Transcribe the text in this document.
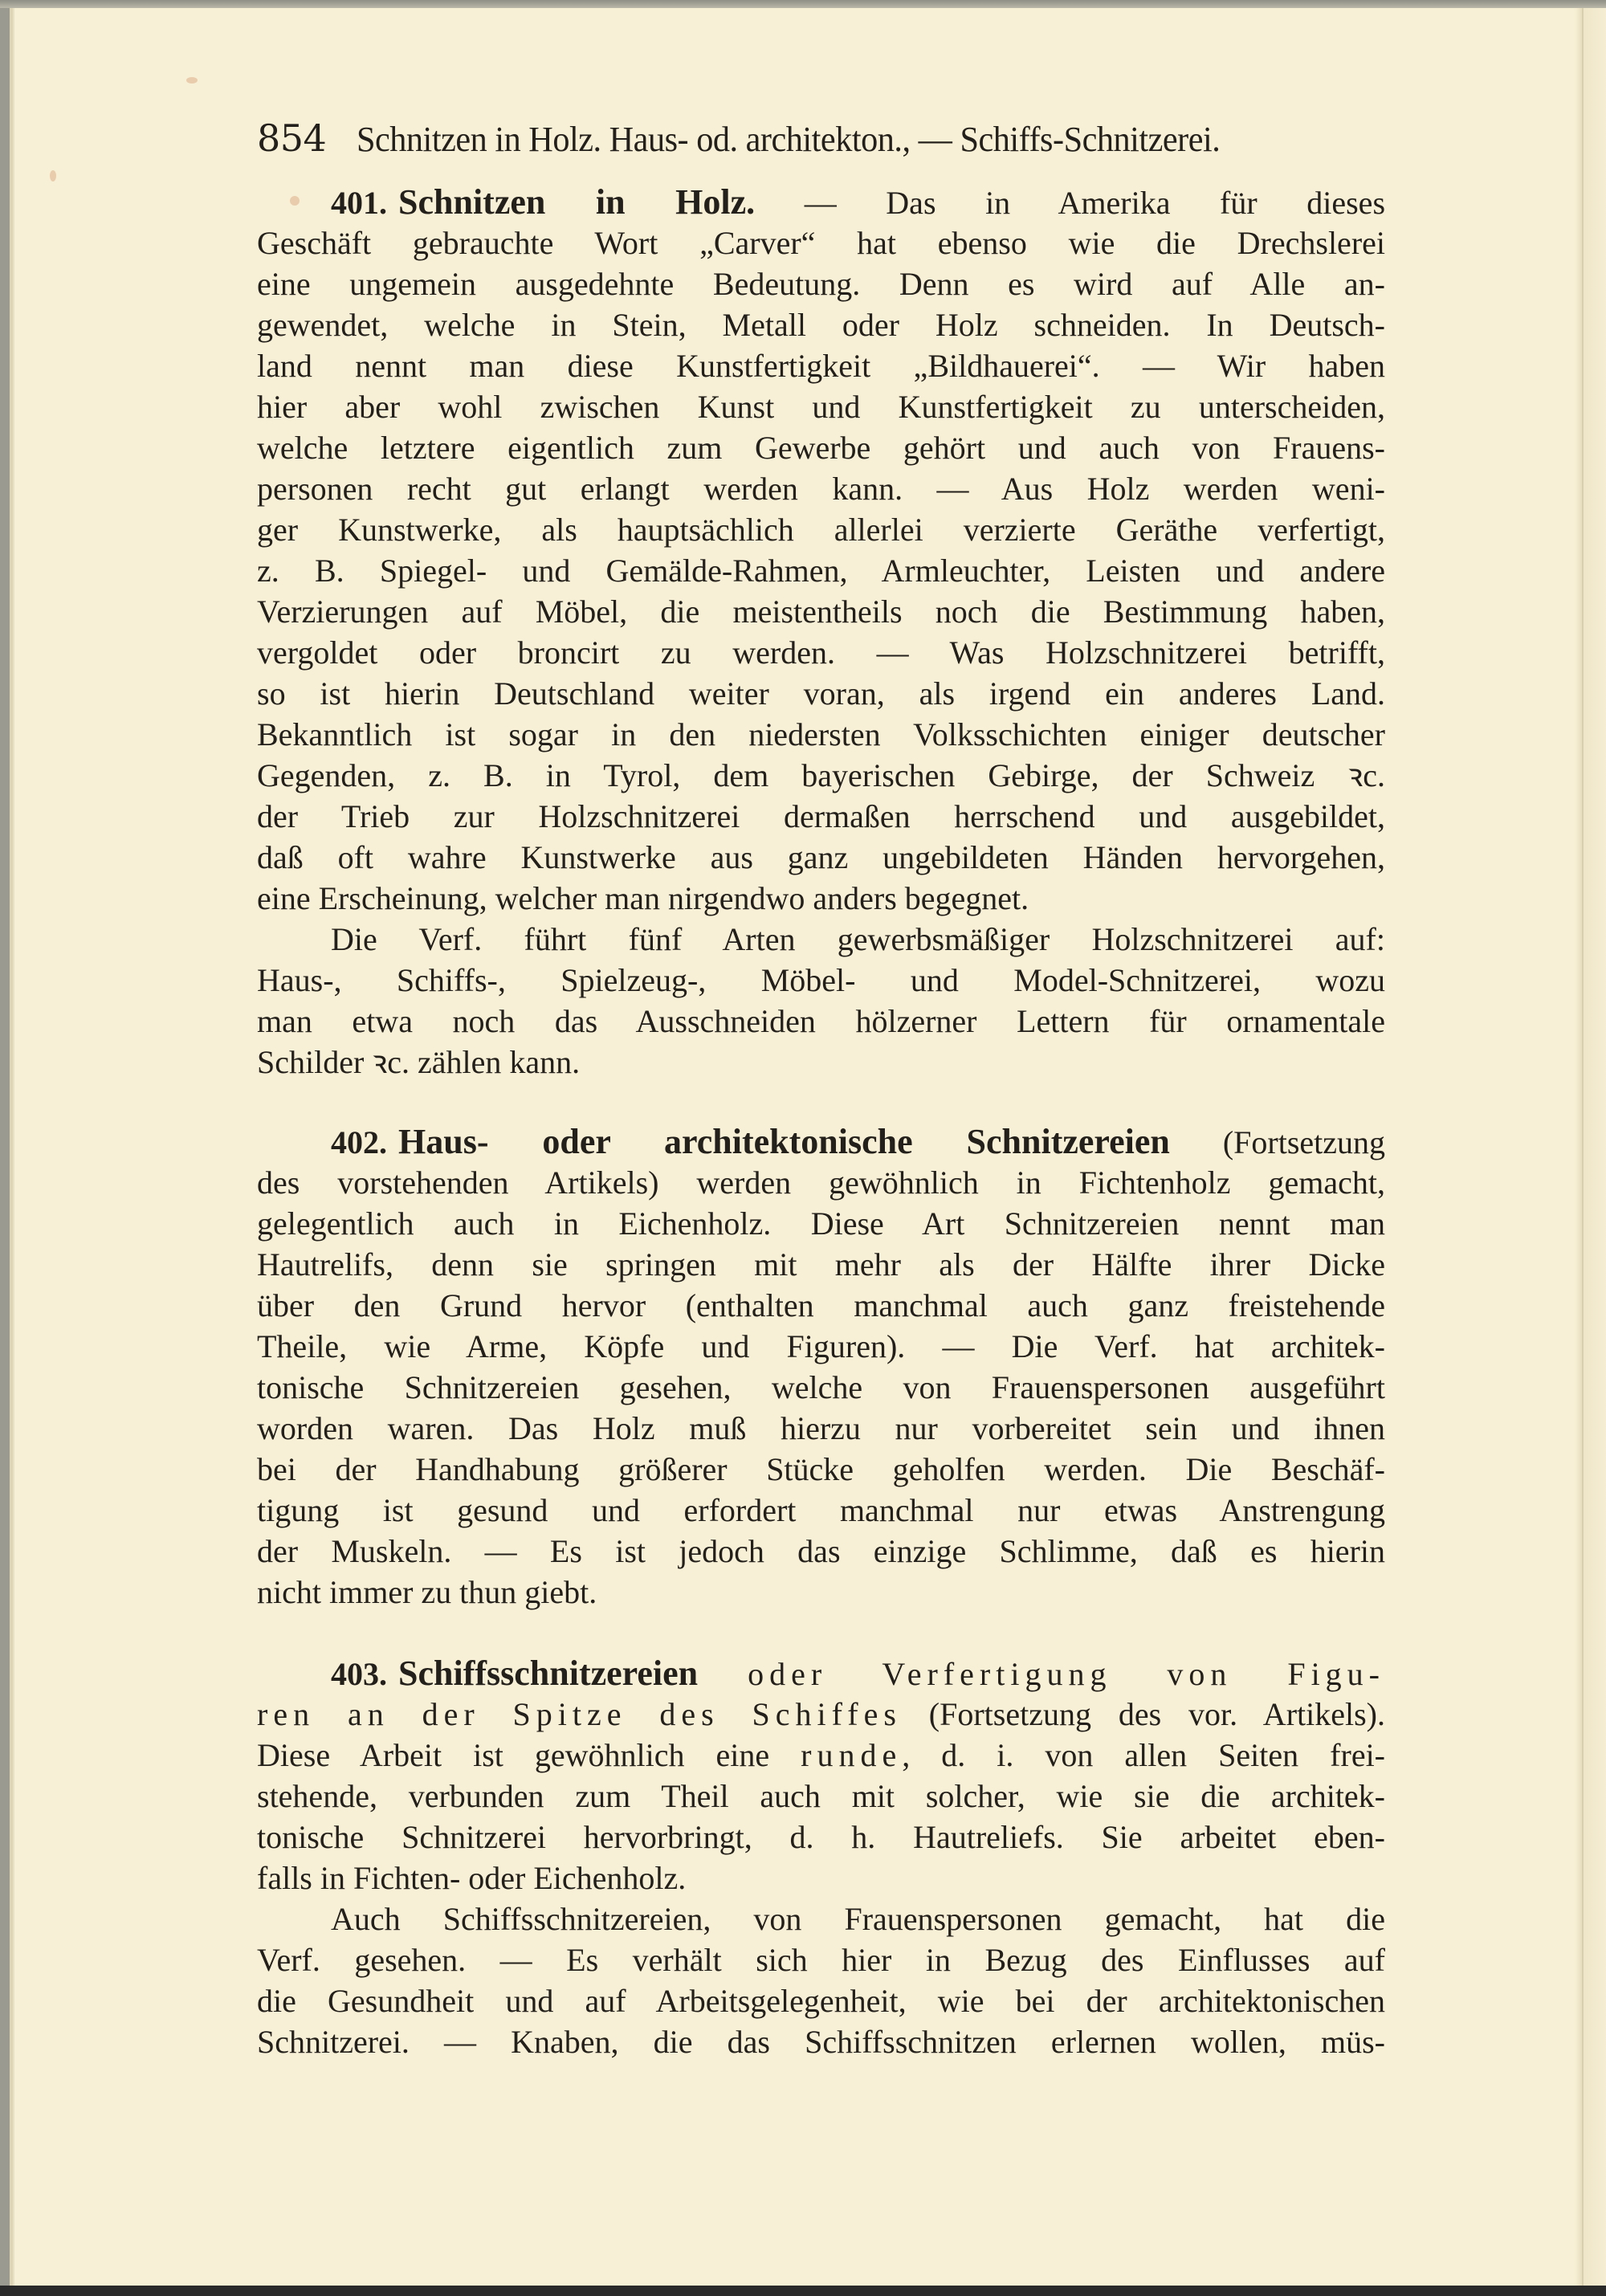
854 Schnitzen in Holz. Haus- od. architekton., — Schiffs-Schnitzerei.
401. Schnitzen in Holz. — Das in Amerika für dieses
Geschäft gebrauchte Wort „Carver“ hat ebenso wie die Drechslerei
eine ungemein ausgedehnte Bedeutung. Denn es wird auf Alle an-
gewendet, welche in Stein, Metall oder Holz schneiden. In Deutsch-
land nennt man diese Kunstfertigkeit „Bildhauerei“. — Wir haben
hier aber wohl zwischen Kunst und Kunstfertigkeit zu unterscheiden,
welche letztere eigentlich zum Gewerbe gehört und auch von Frauens-
personen recht gut erlangt werden kann. — Aus Holz werden weni-
ger Kunstwerke, als hauptsächlich allerlei verzierte Geräthe verfertigt,
z. B. Spiegel- und Gemälde-Rahmen, Armleuchter, Leisten und andere
Verzierungen auf Möbel, die meistentheils noch die Bestimmung haben,
vergoldet oder broncirt zu werden. — Was Holzschnitzerei betrifft,
so ist hierin Deutschland weiter voran, als irgend ein anderes Land.
Bekanntlich ist sogar in den niedersten Volksschichten einiger deutscher
Gegenden, z. B. in Tyrol, dem bayerischen Gebirge, der Schweiz ꝛc.
der Trieb zur Holzschnitzerei dermaßen herrschend und ausgebildet,
daß oft wahre Kunstwerke aus ganz ungebildeten Händen hervorgehen,
eine Erscheinung, welcher man nirgendwo anders begegnet.
Die Verf. führt fünf Arten gewerbsmäßiger Holzschnitzerei auf:
Haus-, Schiffs-, Spielzeug-, Möbel- und Model-Schnitzerei, wozu
man etwa noch das Ausschneiden hölzerner Lettern für ornamentale
Schilder ꝛc. zählen kann.
402. Haus- oder architektonische Schnitzereien (Fortsetzung
des vorstehenden Artikels) werden gewöhnlich in Fichtenholz gemacht,
gelegentlich auch in Eichenholz. Diese Art Schnitzereien nennt man
Hautrelifs, denn sie springen mit mehr als der Hälfte ihrer Dicke
über den Grund hervor (enthalten manchmal auch ganz freistehende
Theile, wie Arme, Köpfe und Figuren). — Die Verf. hat architek-
tonische Schnitzereien gesehen, welche von Frauenspersonen ausgeführt
worden waren. Das Holz muß hierzu nur vorbereitet sein und ihnen
bei der Handhabung größerer Stücke geholfen werden. Die Beschäf-
tigung ist gesund und erfordert manchmal nur etwas Anstrengung
der Muskeln. — Es ist jedoch das einzige Schlimme, daß es hierin
nicht immer zu thun giebt.
403. Schiffsschnitzereien oder Verfertigung von Figu-
ren an der Spitze des Schiffes (Fortsetzung des vor. Artikels).
Diese Arbeit ist gewöhnlich eine runde, d. i. von allen Seiten frei-
stehende, verbunden zum Theil auch mit solcher, wie sie die architek-
tonische Schnitzerei hervorbringt, d. h. Hautreliefs. Sie arbeitet eben-
falls in Fichten- oder Eichenholz.
Auch Schiffsschnitzereien, von Frauenspersonen gemacht, hat die
Verf. gesehen. — Es verhält sich hier in Bezug des Einflusses auf
die Gesundheit und auf Arbeitsgelegenheit, wie bei der architektonischen
Schnitzerei. — Knaben, die das Schiffsschnitzen erlernen wollen, müs-
